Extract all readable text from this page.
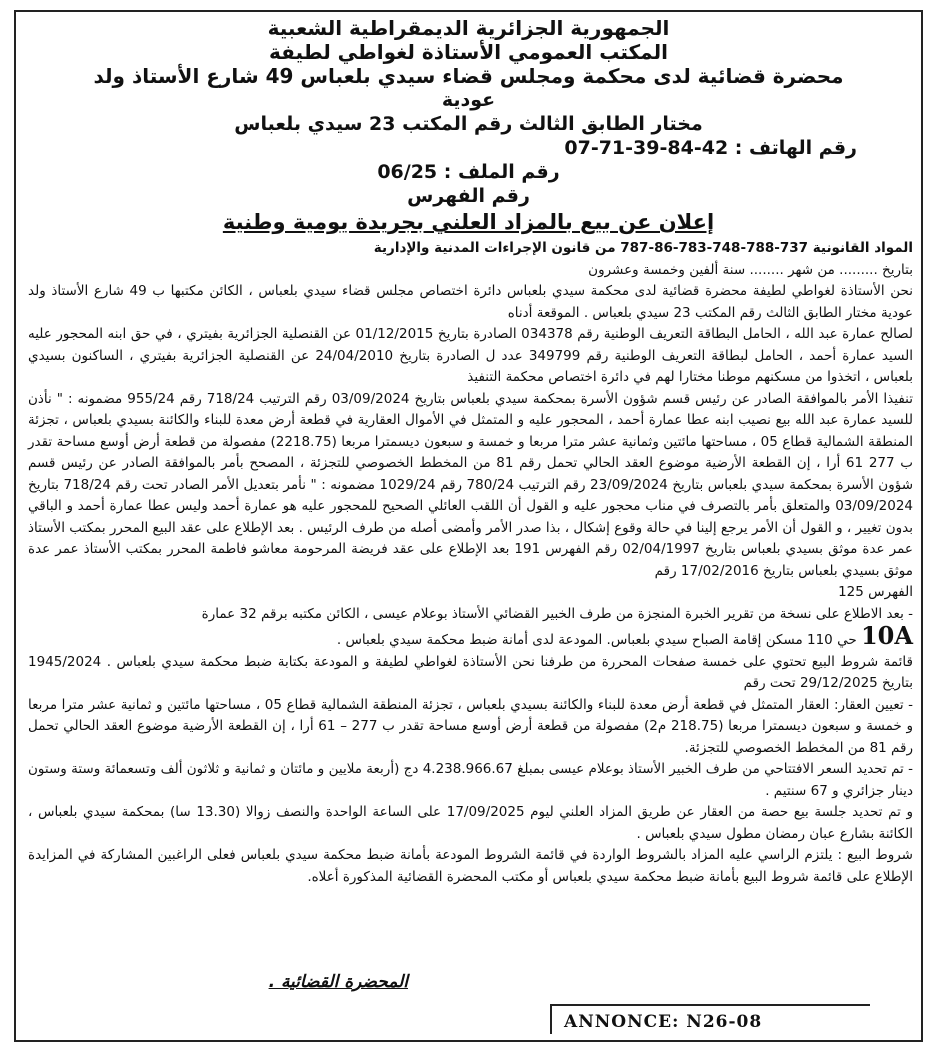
الجمهورية الجزائرية الديمقراطية الشعبية

المكتب العمومي الأستاذة لغواطي لطيفة

محضرة قضائية لدى محكمة ومجلس قضاء سيدي بلعباس 49 شارع الأستاذ ولد

عودية

مختار الطابق الثالث رقم المكتب 23 سيدي بلعباس

رقم الهاتف : 42-84-39-71-07

رقم الملف : 06/25

رقم الفهرس

إعلان عن بيع بالمزاد العلني بجريدة يومية وطنية

المواد القانونية 737-788-748-783-86-787 من قانون الإجراءات المدنية والإدارية

بتاريخ ......... من شهر ........ سنة ألفين وخمسة وعشرون

نحن الأستاذة لغواطي لطيفة محضرة قضائية لدى محكمة سيدي بلعباس دائرة اختصاص مجلس قضاء سيدي بلعباس ، الكائن مكتبها ب 49 شارع الأستاذ ولد عودية مختار الطابق الثالث رقم المكتب 23 سيدي بلعباس . الموقعة أدناه

لصالح عمارة عبد الله ، الحامل البطاقة التعريف الوطنية رقم 034378 الصادرة بتاريخ 01/12/2015 عن القنصلية الجزائرية بفيتري ، في حق ابنه المحجور عليه السيد عمارة أحمد ، الحامل لبطاقة التعريف الوطنية رقم 349799 عدد ل الصادرة بتاريخ 24/04/2010 عن القنصلية الجزائرية بفيتري ، الساكنون بسيدي بلعباس ، اتخذوا من مسكنهم موطنا مختارا لهم في دائرة اختصاص محكمة التنفيذ

تنفيذا الأمر بالموافقة الصادر عن رئيس قسم شؤون الأسرة بمحكمة سيدي بلعباس بتاريخ 03/09/2024 رقم الترتيب 718/24 رقم 955/24 مضمونه : " نأذن للسيد عمارة عبد الله بيع نصيب ابنه عطا عمارة أحمد ، المحجور عليه و المتمثل في الأموال العقارية في قطعة أرض معدة للبناء والكائنة بسيدي بلعباس ، تجزئة المنطقة الشمالية قطاع 05 ، مساحتها مائتين وثمانية عشر مترا مربعا و خمسة و سبعون ديسمترا مربعا (2218.75) مفصولة من قطعة أرض أوسع مساحة تقدر ب 277 61 أرا ، إن القطعة الأرضية موضوع العقد الحالي تحمل رقم 81 من المخطط الخصوصي للتجزئة ، المصحح بأمر بالموافقة الصادر عن رئيس قسم شؤون الأسرة بمحكمة سيدي بلعباس بتاريخ 23/09/2024 رقم الترتيب 780/24 رقم 1029/24 مضمونه : " نأمر بتعديل الأمر الصادر تحت رقم 718/24 بتاريخ 03/09/2024 والمتعلق بأمر بالتصرف في مناب محجور عليه و القول أن اللقب العائلي الصحيح للمحجور عليه هو عمارة أحمد وليس عطا عمارة أحمد و الباقي بدون تغيير ، و القول أن الأمر يرجع إلينا في حالة وقوع إشكال ، بذا صدر الأمر وأمضى أصله من طرف الرئيس . بعد الإطلاع على عقد البيع المحرر بمكتب الأستاذ عمر عدة موثق بسيدي بلعباس بتاريخ 02/04/1997 رقم الفهرس 191 بعد الإطلاع على عقد فريضة المرحومة معاشو فاطمة المحرر بمكتب الأستاذ عمر عدة موثق بسيدي بلعباس بتاريخ 17/02/2016 رقم

الفهرس 125

- بعد الاطلاع على نسخة من تقرير الخبرة المنجزة من طرف الخبير القضائي الأستاذ بوعلام عيسى ، الكائن مكتبه برقم 32 عمارة

10A حي 110 مسكن إقامة الصباح سيدي بلعباس. المودعة لدى أمانة ضبط محكمة سيدي بلعباس .

قائمة شروط البيع تحتوي على خمسة صفحات المحررة من طرفنا نحن الأستاذة لغواطي لطيفة و المودعة بكتابة ضبط محكمة سيدي بلعباس . 1945/2024 بتاريخ 29/12/2025 تحت رقم

- تعيين العقار: العقار المتمثل في قطعة أرض معدة للبناء والكائنة بسيدي بلعباس ، تجزئة المنطقة الشمالية قطاع 05 ، مساحتها مائتين و ثمانية عشر مترا مربعا و خمسة و سبعون ديسمترا مربعا (218.75 م2) مفصولة من قطعة أرض أوسع مساحة تقدر ب 277 – 61 أرا ، إن القطعة الأرضية موضوع العقد الحالي تحمل رقم 81 من المخطط الخصوصي للتجزئة.

- تم تحديد السعر الافتتاحي من طرف الخبير الأستاذ بوعلام عيسى بمبلغ 4.238.966.67 دج (أربعة ملايين و مائتان و ثمانية و ثلاثون ألف وتسعمائة وستة وستون دينار جزائري و 67 سنتيم .

و تم تحديد جلسة بيع حصة من العقار عن طريق المزاد العلني ليوم 17/09/2025 على الساعة الواحدة والنصف زوالا (13.30 سا) بمحكمة سيدي بلعباس ، الكائنة بشارع عبان رمضان مطول سيدي بلعباس .

شروط البيع : يلتزم الراسي عليه المزاد بالشروط الواردة في قائمة الشروط المودعة بأمانة ضبط محكمة سيدي بلعباس فعلى الراغبين المشاركة في المزايدة الإطلاع على قائمة شروط البيع بأمانة ضبط محكمة سيدي بلعباس أو مكتب المحضرة القضائية المذكورة أعلاه.

المحضرة القضائية .
ANNONCE: N26-08
